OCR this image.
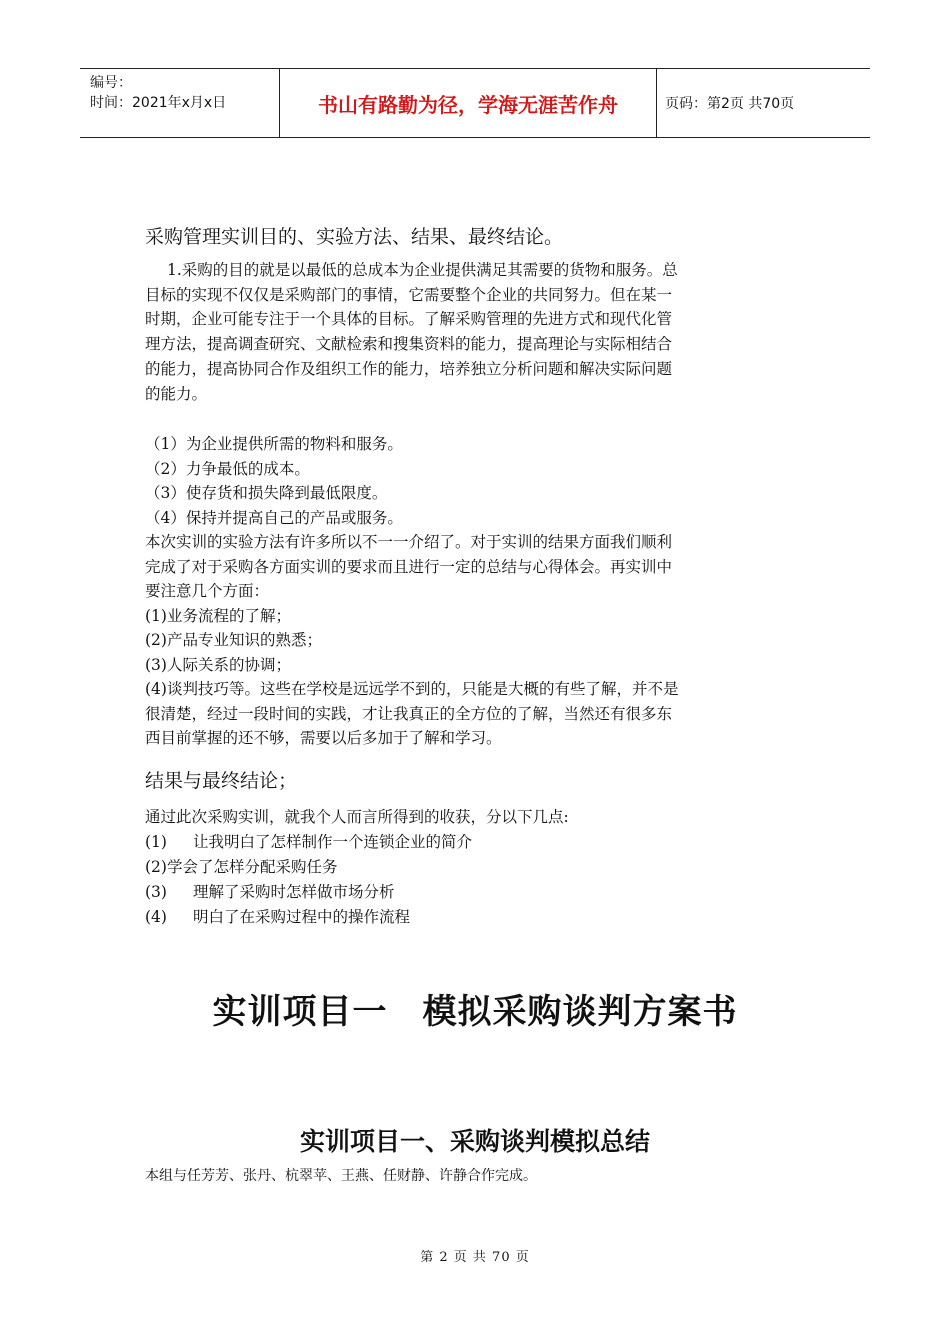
编号：
时间：2021年x月x日	书山有路勤为径，学海无涯苦作舟	页码：第2页 共70页
采购管理实训目的、实验方法、结果、最终结论。
1.采购的目的就是以最低的总成本为企业提供满足其需要的货物和服务。总
目标的实现不仅仅是采购部门的事情，它需要整个企业的共同努力。但在某一
时期，企业可能专注于一个具体的目标。了解采购管理的先进方式和现代化管
理方法，提高调查研究、文献检索和搜集资料的能力，提高理论与实际相结合
的能力，提高协同合作及组织工作的能力，培养独立分析问题和解决实际问题
的能力。
（1）为企业提供所需的物料和服务。
（2）力争最低的成本。
（3）使存货和损失降到最低限度。
（4）保持并提高自己的产品或服务。
本次实训的实验方法有许多所以不一一介绍了。对于实训的结果方面我们顺利
完成了对于采购各方面实训的要求而且进行一定的总结与心得体会。再实训中
要注意几个方面：
(1)业务流程的了解；
(2)产品专业知识的熟悉；
(3)人际关系的协调；
(4)谈判技巧等。这些在学校是远远学不到的，只能是大概的有些了解，并不是
很清楚，经过一段时间的实践，才让我真正的全方位的了解，当然还有很多东
西目前掌握的还不够，需要以后多加于了解和学习。
结果与最终结论；
通过此次采购实训，就我个人而言所得到的收获，分以下几点:
(1) 让我明白了怎样制作一个连锁企业的简介
(2)学会了怎样分配采购任务
(3) 理解了采购时怎样做市场分析
(4) 明白了在采购过程中的操作流程
实训项目一　模拟采购谈判方案书
实训项目一、采购谈判模拟总结
本组与任芳芳、张丹、杭翠苹、王燕、任财静、许静合作完成。
第 2 页 共 70 页
